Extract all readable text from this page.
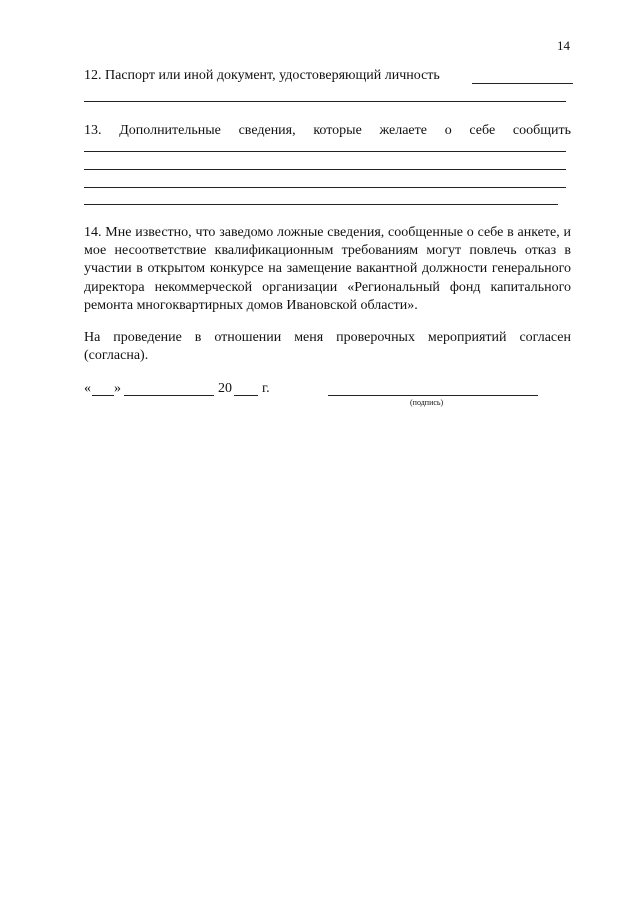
14
12. Паспорт или иной документ, удостоверяющий личность
13. Дополнительные сведения, которые желаете о себе сообщить
14. Мне известно, что заведомо ложные сведения, сообщенные о себе в анкете, и мое несоответствие квалификационным требованиям могут повлечь отказ в участии в открытом конкурсе на замещение вакантной должности генерального директора некоммерческой организации «Региональный фонд капитального ремонта многоквартирных домов Ивановской области».
На проведение в отношении меня проверочных мероприятий согласен (согласна).
« »	20 г.
(подпись)
